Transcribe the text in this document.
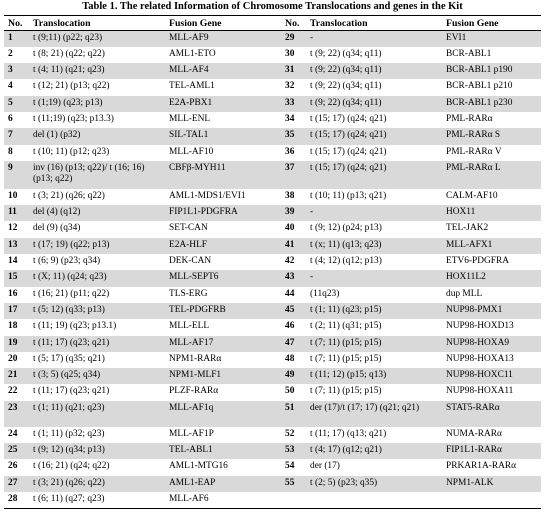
Table 1. The related Information of Chromosome Translocations and genes in the Kit
No.	Translocation	Fusion Gene	No.	Translocation	Fusion Gene
1	t (9;11) (p22; q23)	MLL-AF9	29	-	EVI1
2	t (8; 21) (q22; q22)	AML1-ETO	30	t (9; 22) (q34; q11)	BCR-ABL1
3	t (4; 11) (q21; q23)	MLL-AF4	31	t (9; 22) (q34; q11)	BCR-ABL1 p190
4	t (12; 21) (p13; q22)	TEL-AML1	32	t (9; 22) (q34; q11)	BCR-ABL1 p210
5	t (1;19) (q23; p13)	E2A-PBX1	33	t (9; 22) (q34; q11)	BCR-ABL1 p230
6	t (11;19) (q23; p13.3)	MLL-ENL	34	t (15; 17) (q24; q21)	PML-RARα
7	del (1) (p32)	SIL-TAL1	35	t (15; 17) (q24; q21)	PML-RARα S
8	t (10; 11) (p12; q23)	MLL-AF10	36	t (15; 17) (q24; q21)	PML-RARα V
9	inv (16) (p13; q22)/ t (16; 16) (p13; q22)	CBFβ-MYH11	37	t (15; 17) (q24; q21)	PML-RARα L
10	t (3; 21) (q26; q22)	AML1-MDS1/EVI1	38	t (10; 11) (p13; q21)	CALM-AF10
11	del (4) (q12)	FIP1L1-PDGFRA	39	-	HOX11
12	del (9) (q34)	SET-CAN	40	t (9; 12) (p24; p13)	TEL-JAK2
13	t (17; 19) (q22; p13)	E2A-HLF	41	t (x; 11) (q13; q23)	MLL-AFX1
14	t (6; 9) (p23; q34)	DEK-CAN	42	t (4; 12) (q12; p13)	ETV6-PDGFRA
15	t (X; 11) (q24; q23)	MLL-SEPT6	43	-	HOX11L2
16	t (16; 21) (p11; q22)	TLS-ERG	44	(11q23)	dup MLL
17	t (5; 12) (q33; p13)	TEL-PDGFRB	45	t (1; 11) (q23; p15)	NUP98-PMX1
18	t (11; 19) (q23; p13.1)	MLL-ELL	46	t (2; 11) (q31; p15)	NUP98-HOXD13
19	t (11; 17) (q23; q21)	MLL-AF17	47	t (7; 11) (p15; p15)	NUP98-HOXA9
20	t (5; 17) (q35; q21)	NPM1-RARα	48	t (7; 11) (p15; p15)	NUP98-HOXA13
21	t (3; 5) (q25; q34)	NPM1-MLF1	49	t (11; 12) (p15; q13)	NUP98-HOXC11
22	t (11; 17) (q23; q21)	PLZF-RARα	50	t (7; 11) (p15; p15)	NUP98-HOXA11
23	t (1; 11) (q21; q23)	MLL-AF1q	51	der (17)/t (17; 17) (q21; q21)	STAT5-RARα
24	t (1; 11) (p32; q23)	MLL-AF1P	52	t (11; 17) (q13; q21)	NUMA-RARα
25	t (9; 12) (q34; p13)	TEL-ABL1	53	t (4; 17) (q12; q21)	FIP1L1-RARα
26	t (16; 21) (q24; q22)	AML1-MTG16	54	der (17)	PRKAR1A-RARα
27	t (3; 21) (q26; q22)	AML1-EAP	55	t (2; 5) (p23; q35)	NPM1-ALK
28	t (6; 11) (q27; q23)	MLL-AF6			
